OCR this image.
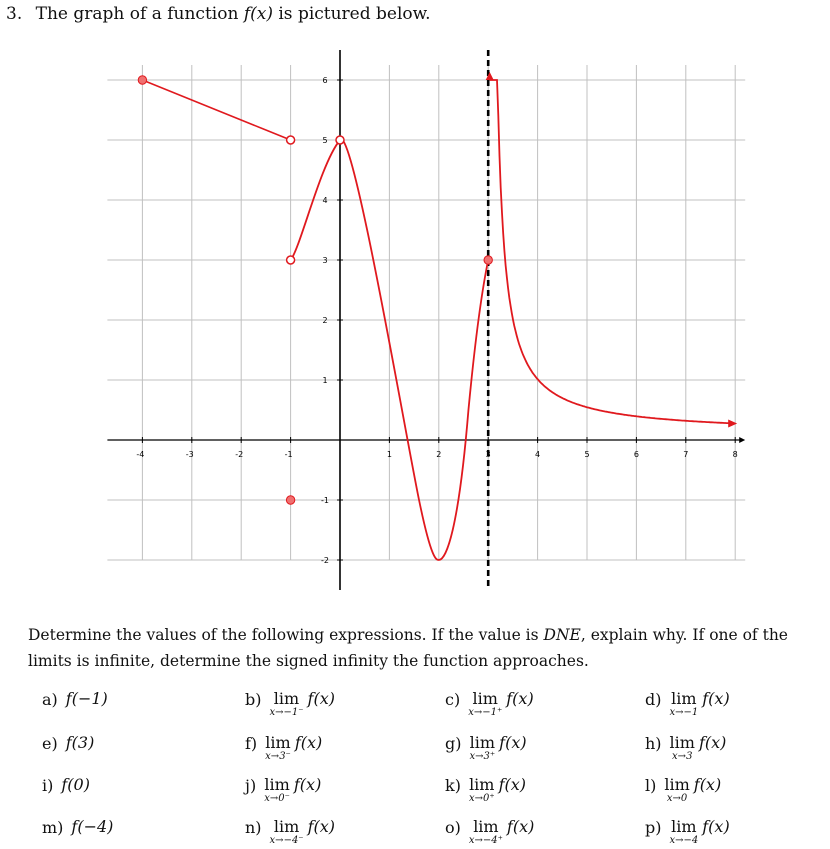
3. The graph of a function f(x) is pictured below.
-4	-3	-2	-1	1	2	3	4	5	6	7	8
-2
-1
1
2
3
4
5
6
Determine the values of the following expressions. If the value is DNE, explain why. If one of the limits is infinite, determine the signed infinity the function approaches.
a) f(−1)	b) lim
x→−1⁻
f(x)	c) lim
x→−1⁺
f(x)	d) lim
x→−1
f(x)
e) f(3)	f) lim
x→3⁻
f(x)	g) lim
x→3⁺
f(x)	h) lim
x→3
f(x)
i) f(0)	j) lim
x→0⁻
f(x)	k) lim
x→0⁺
f(x)	l) lim
x→0
f(x)
m) f(−4)	n) lim
x→−4⁻
f(x)	o) lim
x→−4⁺
f(x)	p) lim
x→−4
f(x)
